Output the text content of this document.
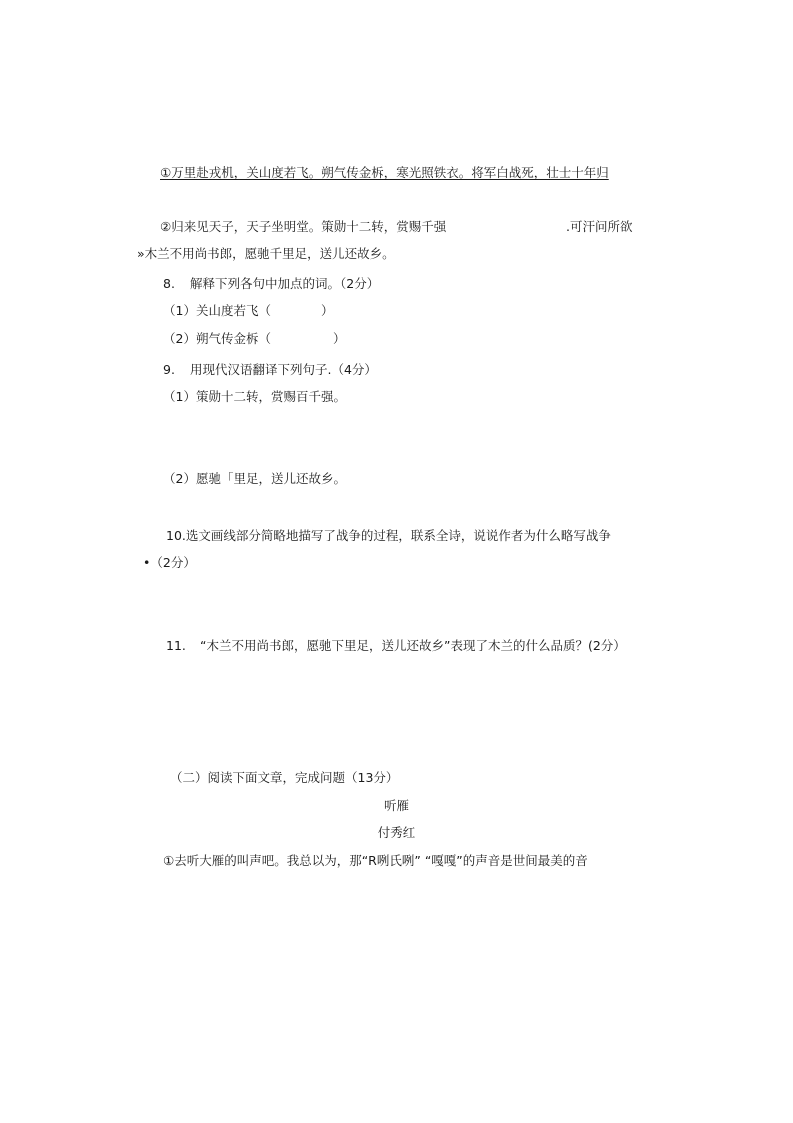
①万里赴戎机，关山度若飞。朔气传金柝，寒光照铁衣。将军白战死，壮士十年归
②归来见天子，天子坐明堂。策勋十二转，赏赐千强	.可汗问所欲
»木兰不用尚书郎，愿驰千里足，送儿还故乡。
8. 解释下列各句中加点的词。（2分）
（1）关山度若飞（	）
（2）朔气传金柝（	）
9. 用现代汉语翻译下列句子.（4分）
（1）策勋十二转，赏赐百千强。
（2）愿驰「里足，送儿还故乡。
10.选文画线部分简略地描写了战争的过程，联系全诗，说说作者为什么略写战争
•（2分）
11. “木兰不用尚书郎，愿驰下里足，送儿还故乡”表现了木兰的什么品质？(2分）
（二）阅读下面文章，完成问题（13分）
听雁
付秀红
①去听大雁的叫声吧。我总以为，那“R咧氏咧” “嘎嘎”的声音是世间最美的音
